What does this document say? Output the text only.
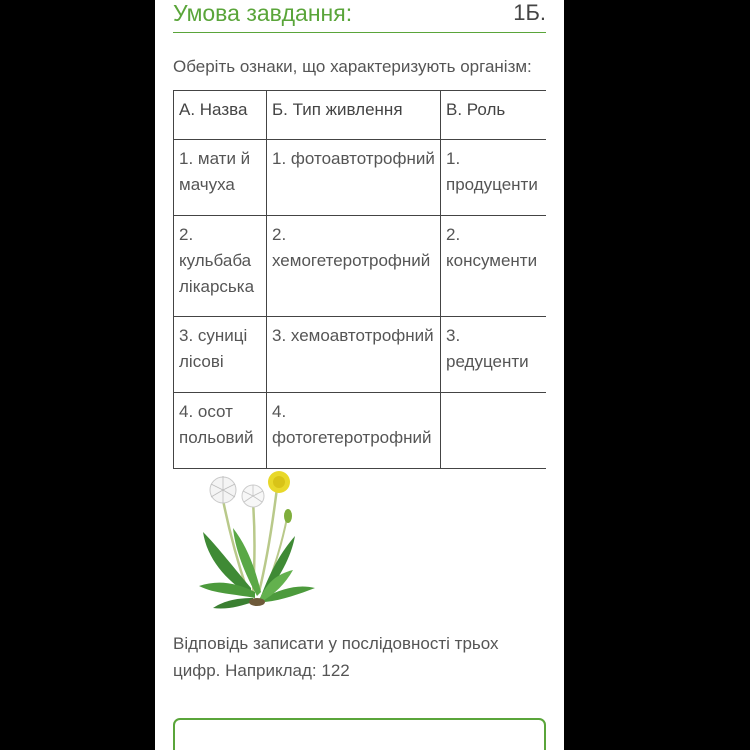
Умова завдання:	1Б.
Оберіть ознаки, що характеризують організм:
А. Назва	Б. Тип живлення	В. Роль
1. мати й мачуха	1. фотоавтотрофний	1. продуценти
2. кульбаба лікарська	2. хемогетеротрофний	2. консументи
3. суниці лісові	3. хемоавтотрофний	3. редуценти
4. осот польовий	4. фотогетеротрофний	
Відповідь записати у послідовності трьох цифр. Наприклад: 122
